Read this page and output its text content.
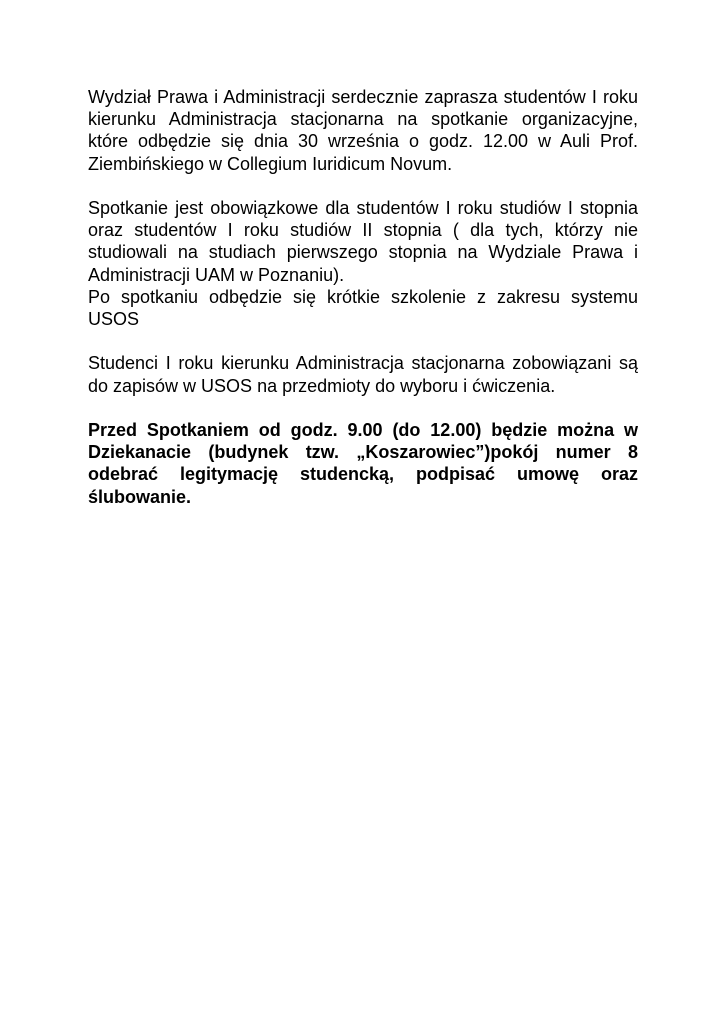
Wydział Prawa i Administracji serdecznie zaprasza studentów I roku kierunku Administracja stacjonarna na spotkanie organizacyjne, które odbędzie się dnia 30 września o godz. 12.00 w Auli Prof. Ziembińskiego w Collegium Iuridicum Novum.

Spotkanie jest obowiązkowe dla studentów I roku studiów I stopnia oraz studentów I roku studiów II stopnia ( dla tych, którzy nie studiowali na studiach pierwszego stopnia na Wydziale Prawa i Administracji UAM w Poznaniu).

Po spotkaniu odbędzie się krótkie szkolenie z zakresu systemu USOS

Studenci I roku kierunku Administracja stacjonarna zobowiązani są do zapisów w USOS na przedmioty do wyboru i ćwiczenia.

Przed Spotkaniem od godz. 9.00 (do 12.00) będzie można w Dziekanacie (budynek tzw. „Koszarowiec”)pokój numer 8 odebrać legitymację studencką, podpisać umowę oraz ślubowanie.
